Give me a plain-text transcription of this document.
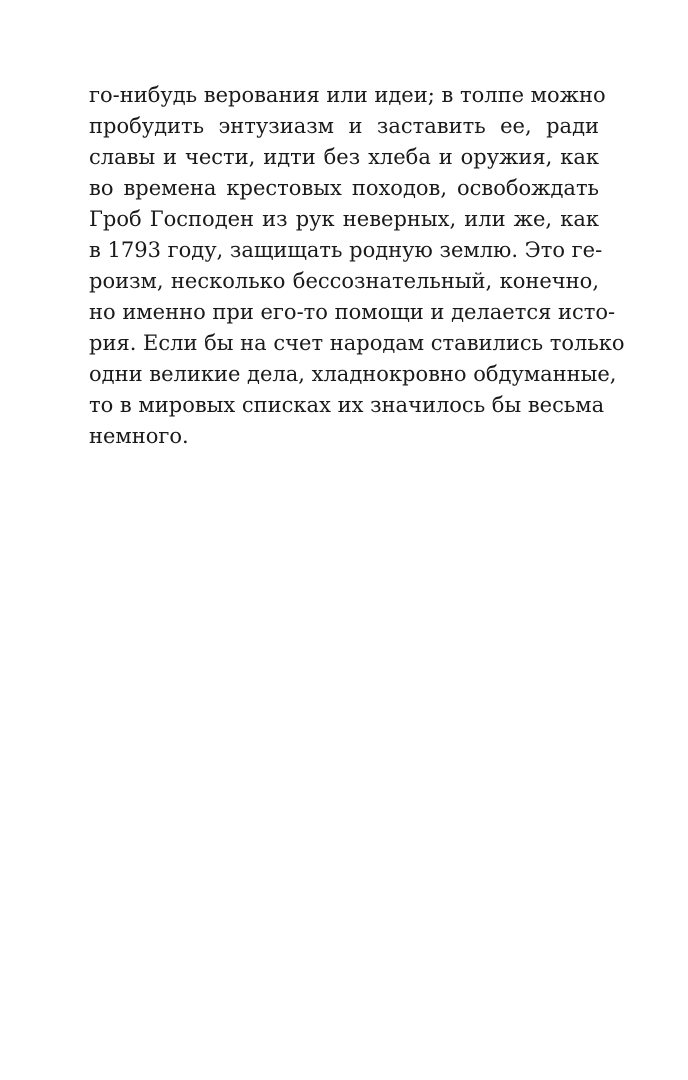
го-нибудь верования или идеи; в толпе можно
пробудить энтузиазм и заставить ее, ради
славы и чести, идти без хлеба и оружия, как
во времена крестовых походов, освобождать
Гроб Господен из рук неверных, или же, как
в 1793 году, защищать родную землю. Это ге-
роизм, несколько бессознательный, конечно,
но именно при его-то помощи и делается исто-
рия. Если бы на счет народам ставились только
одни великие дела, хладнокровно обдуманные,
то в мировых списках их значилось бы весьма
немного.
